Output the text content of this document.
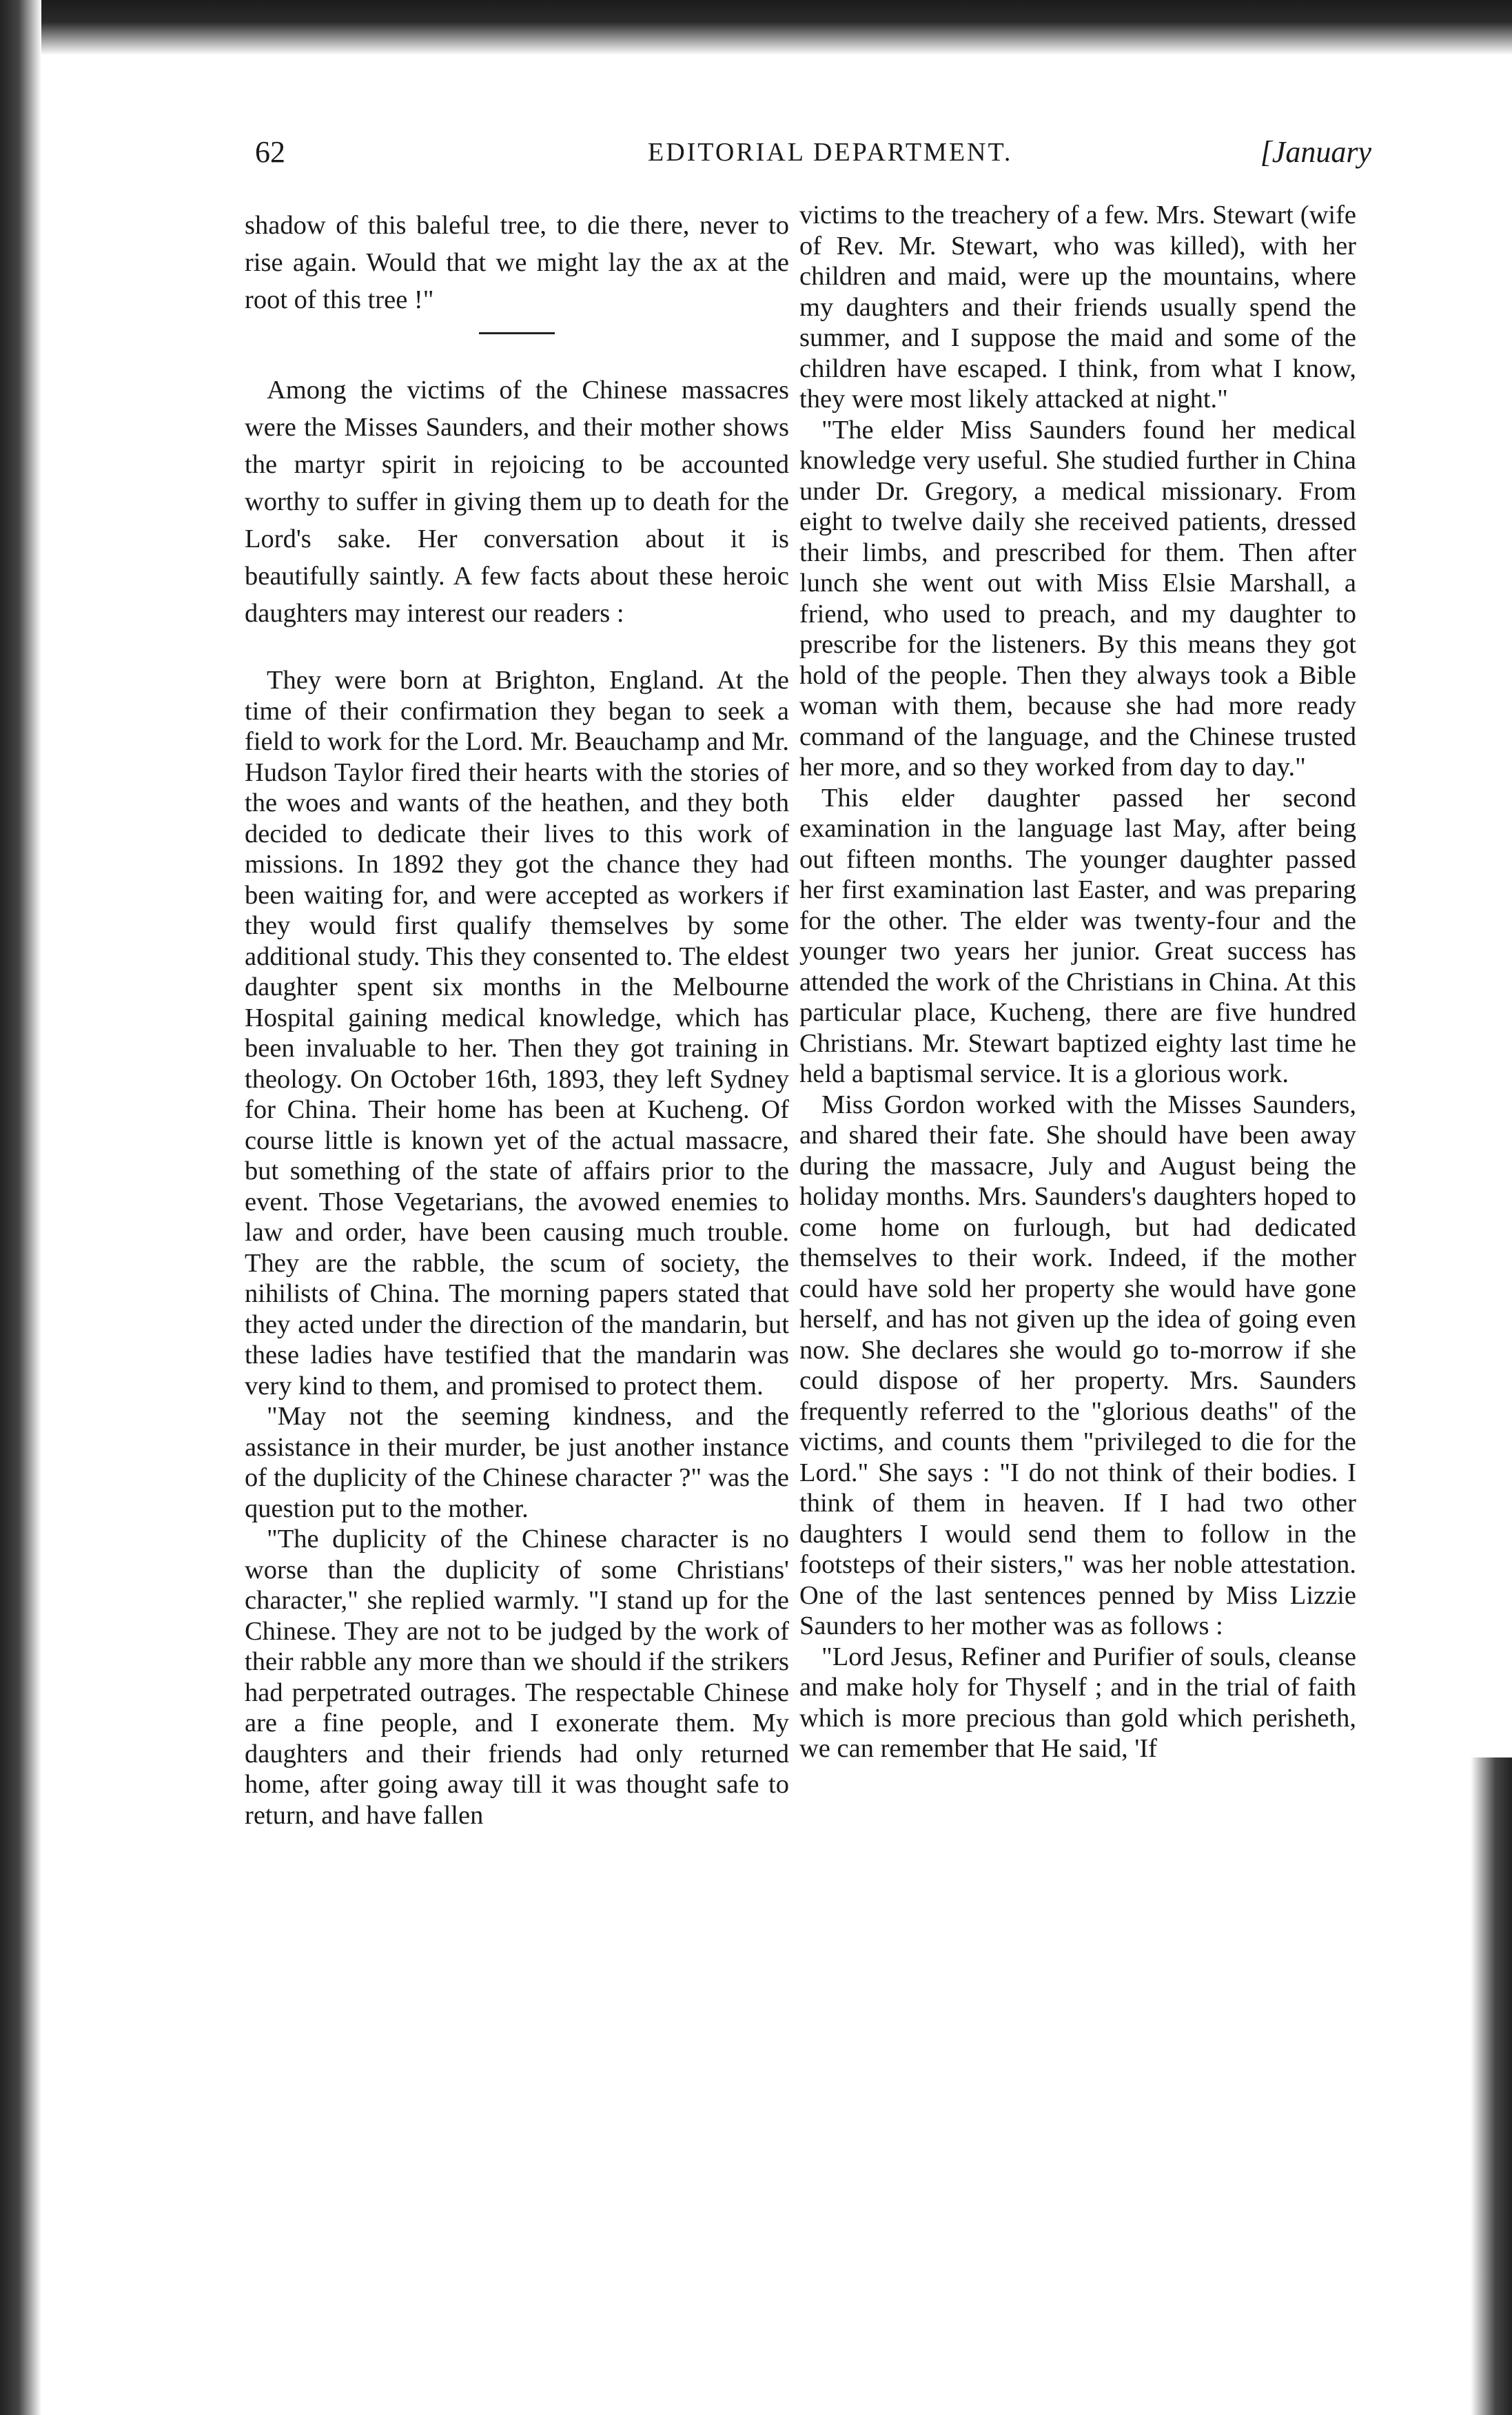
62	EDITORIAL DEPARTMENT.	[January

shadow of this baleful tree, to die there, never to rise again. Would that we might lay the ax at the root of this tree !"

Among the victims of the Chinese massacres were the Misses Saunders, and their mother shows the martyr spirit in rejoicing to be accounted worthy to suffer in giving them up to death for the Lord's sake. Her conversation about it is beautifully saintly. A few facts about these heroic daughters may interest our readers :

They were born at Brighton, England. At the time of their confirmation they began to seek a field to work for the Lord. Mr. Beauchamp and Mr. Hudson Taylor fired their hearts with the stories of the woes and wants of the heathen, and they both decided to dedicate their lives to this work of missions. In 1892 they got the chance they had been waiting for, and were accepted as workers if they would first qualify themselves by some additional study. This they consented to. The eldest daughter spent six months in the Melbourne Hospital gaining medical knowledge, which has been invaluable to her. Then they got training in theology. On October 16th, 1893, they left Sydney for China. Their home has been at Kucheng. Of course little is known yet of the actual massacre, but something of the state of affairs prior to the event. Those Vegetarians, the avowed enemies to law and order, have been causing much trouble. They are the rabble, the scum of society, the nihilists of China. The morning papers stated that they acted under the direction of the mandarin, but these ladies have testified that the mandarin was very kind to them, and promised to protect them.

"May not the seeming kindness, and the assistance in their murder, be just another instance of the duplicity of the Chinese character ?" was the question put to the mother.

"The duplicity of the Chinese character is no worse than the duplicity of some Christians' character," she replied warmly. "I stand up for the Chinese. They are not to be judged by the work of their rabble any more than we should if the strikers had perpetrated outrages. The respectable Chinese are a fine people, and I exonerate them. My daughters and their friends had only returned home, after going away till it was thought safe to return, and have fallen

victims to the treachery of a few. Mrs. Stewart (wife of Rev. Mr. Stewart, who was killed), with her children and maid, were up the mountains, where my daughters and their friends usually spend the summer, and I suppose the maid and some of the children have escaped. I think, from what I know, they were most likely attacked at night."

"The elder Miss Saunders found her medical knowledge very useful. She studied further in China under Dr. Gregory, a medical missionary. From eight to twelve daily she received patients, dressed their limbs, and prescribed for them. Then after lunch she went out with Miss Elsie Marshall, a friend, who used to preach, and my daughter to prescribe for the listeners. By this means they got hold of the people. Then they always took a Bible woman with them, because she had more ready command of the language, and the Chinese trusted her more, and so they worked from day to day."

This elder daughter passed her second examination in the language last May, after being out fifteen months. The younger daughter passed her first examination last Easter, and was preparing for the other. The elder was twenty-four and the younger two years her junior. Great success has attended the work of the Christians in China. At this particular place, Kucheng, there are five hundred Christians. Mr. Stewart baptized eighty last time he held a baptismal service. It is a glorious work.

Miss Gordon worked with the Misses Saunders, and shared their fate. She should have been away during the massacre, July and August being the holiday months. Mrs. Saunders's daughters hoped to come home on furlough, but had dedicated themselves to their work. Indeed, if the mother could have sold her property she would have gone herself, and has not given up the idea of going even now. She declares she would go to-morrow if she could dispose of her property. Mrs. Saunders frequently referred to the "glorious deaths" of the victims, and counts them "privileged to die for the Lord." She says : "I do not think of their bodies. I think of them in heaven. If I had two other daughters I would send them to follow in the footsteps of their sisters," was her noble attestation. One of the last sentences penned by Miss Lizzie Saunders to her mother was as follows :

"Lord Jesus, Refiner and Purifier of souls, cleanse and make holy for Thyself ; and in the trial of faith which is more precious than gold which perisheth, we can remember that He said, 'If
